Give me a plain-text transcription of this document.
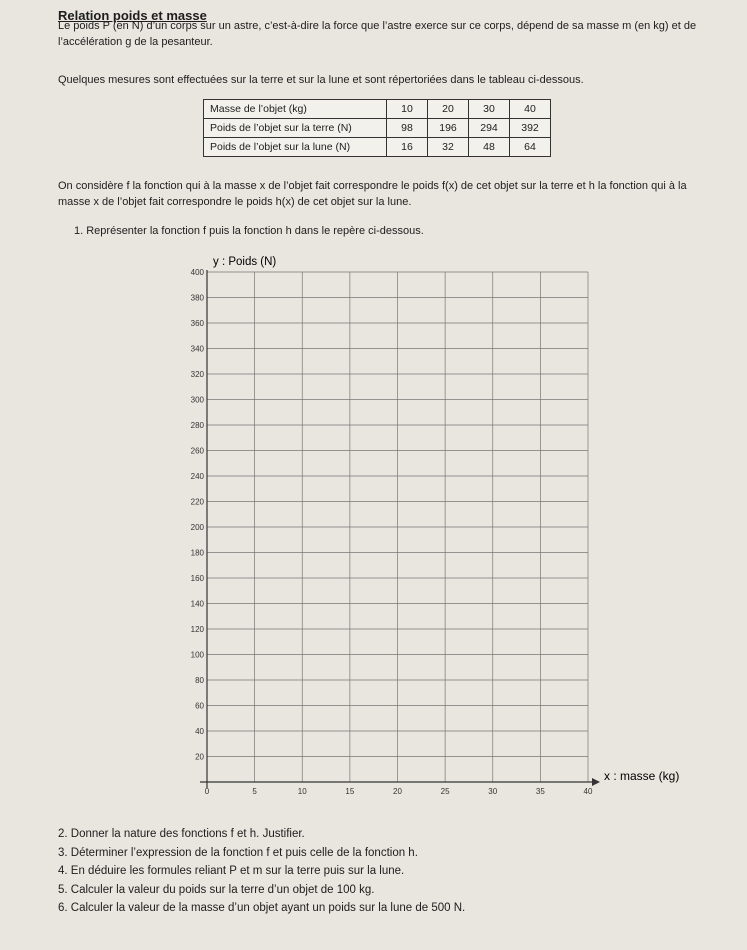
Relation poids et masse
Le poids P (en N) d’un corps sur un astre, c’est-à-dire la force que l’astre exerce sur ce corps, dépend de sa masse m (en kg) et de l’accélération g de la pesanteur.
Quelques mesures sont effectuées sur la terre et sur la lune et sont répertoriées dans le tableau ci-dessous.
Masse de l’objet (kg)	10	20	30	40
Poids de l’objet sur la terre (N)	98	196	294	392
Poids de l’objet sur la lune (N)	16	32	48	64
On considère f la fonction qui à la masse x de l’objet fait correspondre le poids f(x) de cet objet sur la terre et h la fonction qui à la masse x de l’objet fait correspondre le poids h(x) de cet objet sur la lune.
1. Représenter la fonction f puis la fonction h dans le repère ci-dessous.
400
380
360
340
320
300
280
260
240
220
200
180
160
140
120
100
80
60
40
20
0	5	10	15	20	25	30	35	40
y : Poids (N)
x : masse (kg)
2. Donner la nature des fonctions f et h. Justifier.
3. Déterminer l’expression de la fonction f et puis celle de la fonction h.
4. En déduire les formules reliant P et m sur la terre puis sur la lune.
5. Calculer la valeur du poids sur la terre d’un objet de 100 kg.
6. Calculer la valeur de la masse d’un objet ayant un poids sur la lune de 500 N.
